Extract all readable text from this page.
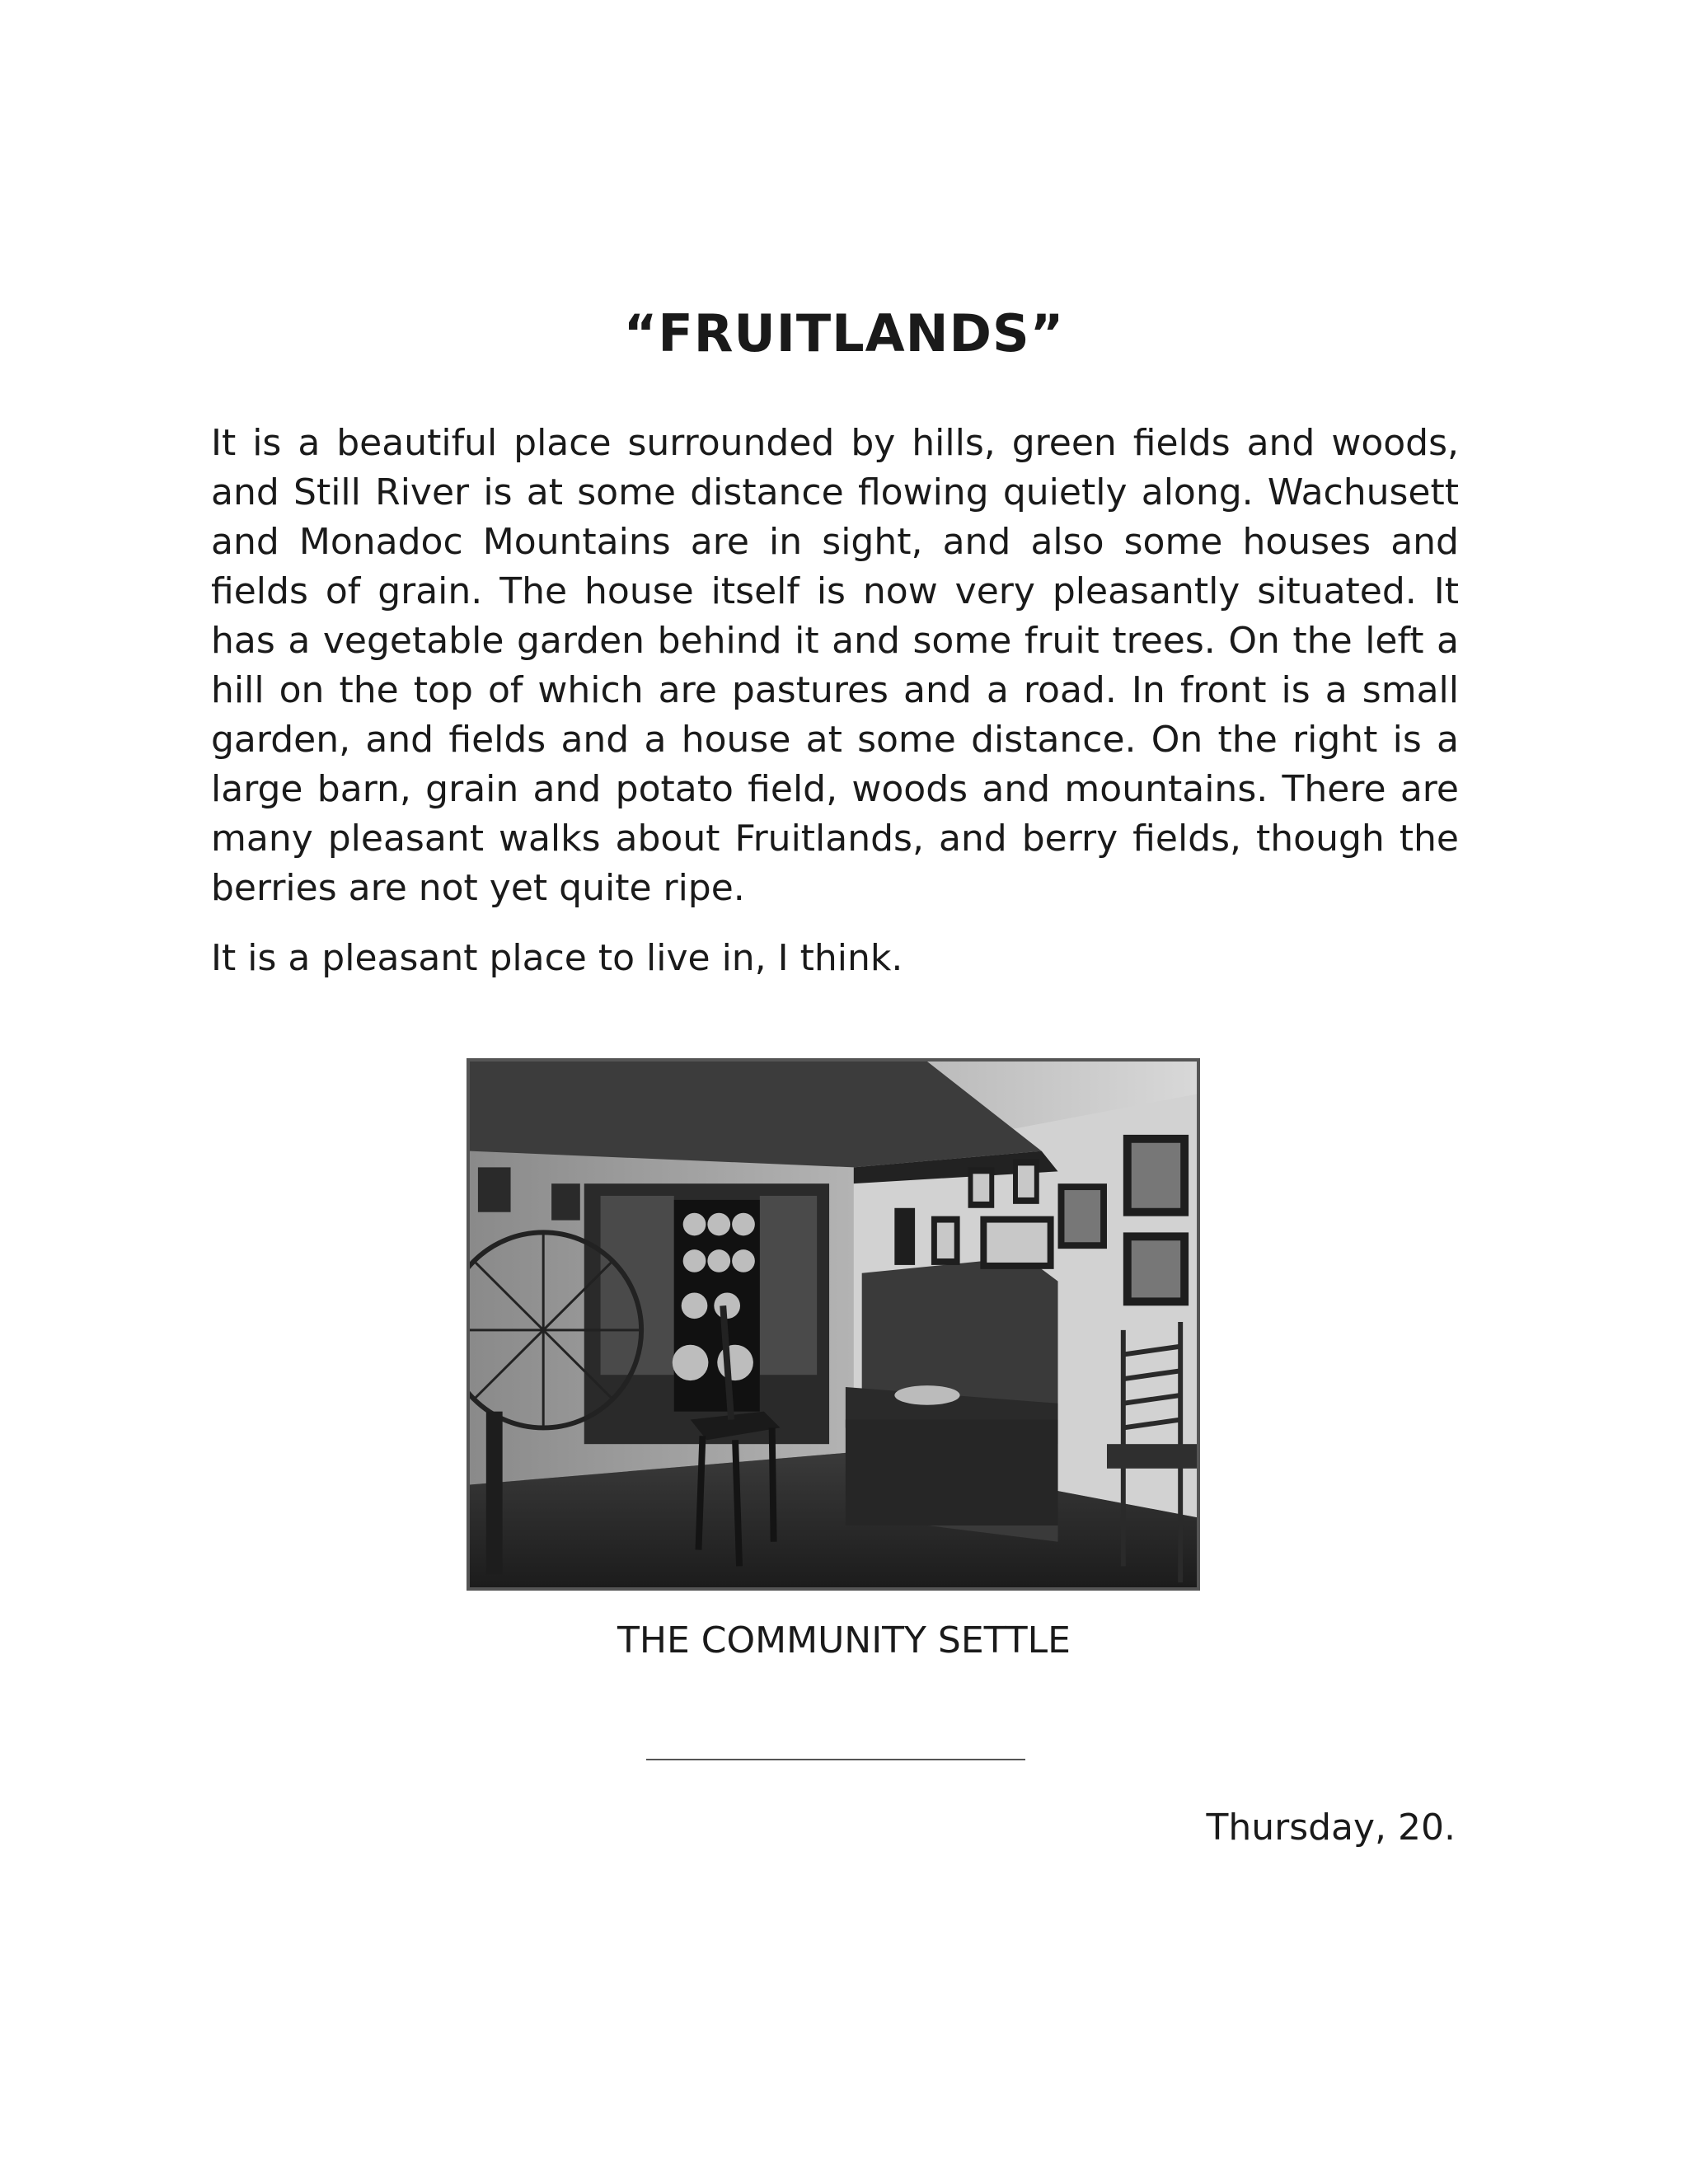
“FRUITLANDS”

It is a beautiful place surrounded by hills, green fields and woods, and Still River is at some distance flowing quietly along. Wachusett and Monadoc Mountains are in sight, and also some houses and fields of grain. The house itself is now very pleasantly situated. It has a vegetable garden behind it and some fruit trees. On the left a hill on the top of which are pastures and a road. In front is a small garden, and fields and a house at some distance. On the right is a large barn, grain and potato field, woods and mountains. There are many pleasant walks about Fruitlands, and berry fields, though the berries are not yet quite ripe.

It is a pleasant place to live in, I think.

THE COMMUNITY SETTLE

Thursday, 20.
